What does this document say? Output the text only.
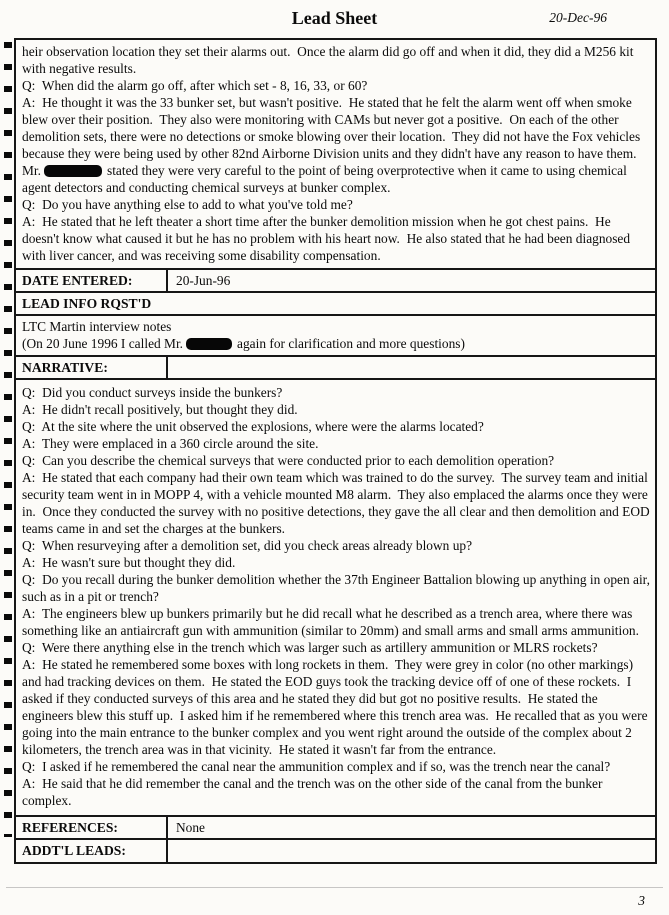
Lead Sheet	20-Dec-96

heir observation location they set their alarms out.  Once the alarm did go off and when it did, they did a M256 kit with negative results.

Q:  When did the alarm go off, after which set - 8, 16, 33, or 60?

A:  He thought it was the 33 bunker set, but wasn't positive.  He stated that he felt the alarm went off when smoke blew over their position.  They also were monitoring with CAMs but never got a positive.  On each of the other demolition sets, there were no detections or smoke blowing over their location.  They did not have the Fox vehicles because they were being used by other 82nd Airborne Division units and they didn't have any reason to have them.  Mr.	stated they were very careful to the point of being overprotective when it came to using chemical agent detectors and conducting chemical surveys at bunker complex.

Q:  Do you have anything else to add to what you've told me?

A:  He stated that he left theater a short time after the bunker demolition mission when he got chest pains.  He doesn't know what caused it but he has no problem with his heart now.  He also stated that he had been diagnosed with liver cancer, and was receiving some disability compensation.

DATE ENTERED:	20-Jun-96
LEAD INFO RQST'D

LTC Martin interview notes

(On 20 June 1996 I called Mr.	again for clarification and more questions)

NARRATIVE:

Q:  Did you conduct surveys inside the bunkers?

A:  He didn't recall positively, but thought they did.

Q:  At the site where the unit observed the explosions, where were the alarms located?

A:  They were emplaced in a 360 circle around the site.

Q:  Can you describe the chemical surveys that were conducted prior to each demolition operation?

A:  He stated that each company had their own team which was trained to do the survey.  The survey team and initial security team went in in MOPP 4, with a vehicle mounted M8 alarm.  They also emplaced the alarms once they were in.  Once they conducted the survey with no positive detections, they gave the all clear and then demolition and EOD teams came in and set the charges at the bunkers.

Q:  When resurveying after a demolition set, did you check areas already blown up?

A:  He wasn't sure but thought they did.

Q:  Do you recall during the bunker demolition whether the 37th Engineer Battalion blowing up anything in open air, such as in a pit or trench?

A:  The engineers blew up bunkers primarily but he did recall what he described as a trench area, where there was something like an antiaircraft gun with ammunition (similar to 20mm) and small arms and small arms ammunition.

Q:  Were there anything else in the trench which was larger such as artillery ammunition or MLRS rockets?

A:  He stated he remembered some boxes with long rockets in them.  They were grey in color (no other markings) and had tracking devices on them.  He stated the EOD guys took the tracking device off of one of these rockets.  I asked if they conducted surveys of this area and he stated they did but got no positive results.  He stated the engineers blew this stuff up.  I asked him if he remembered where this trench area was.  He recalled that as you were going into the main entrance to the bunker complex and you went right around the outside of the complex about 2 kilometers, the trench area was in that vicinity.  He stated it wasn't far from the entrance.

Q:  I asked if he remembered the canal near the ammunition complex and if so, was the trench near the canal?

A:  He said that he did remember the canal and the trench was on the other side of the canal from the bunker complex.

REFERENCES:	None
ADDT'L LEADS:
3
